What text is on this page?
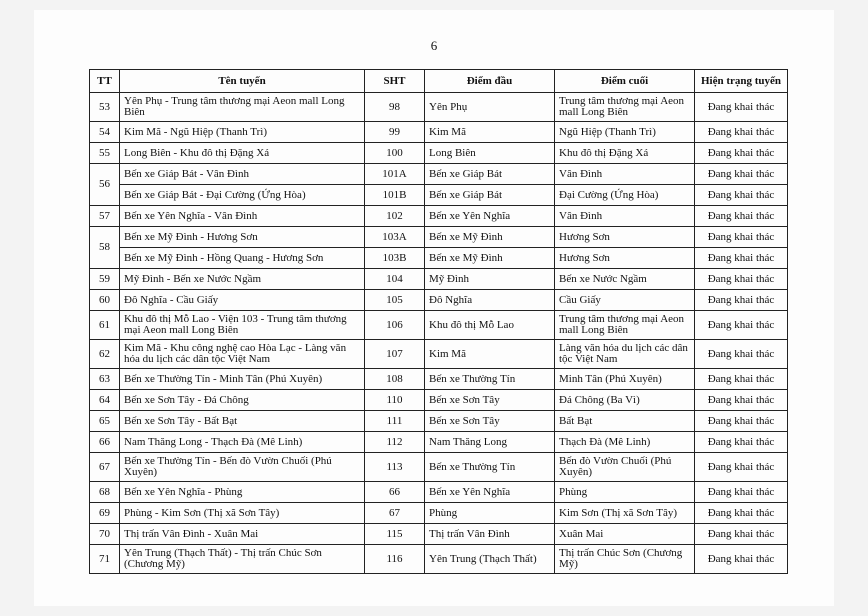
6
TT	Tên tuyến	SHT	Điểm đầu	Điểm cuối	Hiện trạng tuyến
53	Yên Phụ - Trung tâm thương mại Aeon mall Long Biên	98	Yên Phụ	Trung tâm thương mại Aeon mall Long Biên	Đang khai thác
54	Kim Mã - Ngũ Hiệp (Thanh Trì)	99	Kim Mã	Ngũ Hiệp (Thanh Trì)	Đang khai thác
55	Long Biên - Khu đô thị Đặng Xá	100	Long Biên	Khu đô thị Đặng Xá	Đang khai thác
56	Bến xe Giáp Bát - Vân Đình	101A	Bến xe Giáp Bát	Vân Đình	Đang khai thác
	Bến xe Giáp Bát - Đại Cường (Ứng Hòa)	101B	Bến xe Giáp Bát	Đại Cường (Ứng Hòa)	Đang khai thác
57	Bến xe Yên Nghĩa - Vân Đình	102	Bến xe Yên Nghĩa	Vân Đình	Đang khai thác
58	Bến xe Mỹ Đình - Hương Sơn	103A	Bến xe Mỹ Đình	Hương Sơn	Đang khai thác
	Bến xe Mỹ Đình - Hồng Quang - Hương Sơn	103B	Bến xe Mỹ Đình	Hương Sơn	Đang khai thác
59	Mỹ Đình - Bến xe Nước Ngầm	104	Mỹ Đình	Bến xe Nước Ngầm	Đang khai thác
60	Đô Nghĩa - Cầu Giấy	105	Đô Nghĩa	Cầu Giấy	Đang khai thác
61	Khu đô thị Mỗ Lao - Viện 103 - Trung tâm thương mại Aeon mall Long Biên	106	Khu đô thị Mỗ Lao	Trung tâm thương mại Aeon mall Long Biên	Đang khai thác
62	Kim Mã - Khu công nghệ cao Hòa Lạc - Làng văn hóa du lịch các dân tộc Việt Nam	107	Kim Mã	Làng văn hóa du lịch các dân tộc Việt Nam	Đang khai thác
63	Bến xe Thường Tín - Minh Tân (Phú Xuyên)	108	Bến xe Thường Tín	Minh Tân (Phú Xuyên)	Đang khai thác
64	Bến xe Sơn Tây - Đá Chông	110	Bến xe Sơn Tây	Đá Chông (Ba Vì)	Đang khai thác
65	Bến xe Sơn Tây - Bất Bạt	111	Bến xe Sơn Tây	Bất Bạt	Đang khai thác
66	Nam Thăng Long - Thạch Đà (Mê Linh)	112	Nam Thăng Long	Thạch Đà (Mê Linh)	Đang khai thác
67	Bến xe Thường Tín - Bến đò Vườn Chuối (Phú Xuyên)	113	Bến xe Thường Tín	Bến đò Vườn Chuối (Phú Xuyên)	Đang khai thác
68	Bến xe Yên Nghĩa - Phùng	66	Bến xe Yên Nghĩa	Phùng	Đang khai thác
69	Phùng - Kim Sơn (Thị xã Sơn Tây)	67	Phùng	Kim Sơn (Thị xã Sơn Tây)	Đang khai thác
70	Thị trấn Vân Đình - Xuân Mai	115	Thị trấn Vân Đình	Xuân Mai	Đang khai thác
71	Yên Trung (Thạch Thất) - Thị trấn Chúc Sơn (Chương Mỹ)	116	Yên Trung (Thạch Thất)	Thị trấn Chúc Sơn (Chương Mỹ)	Đang khai thác
